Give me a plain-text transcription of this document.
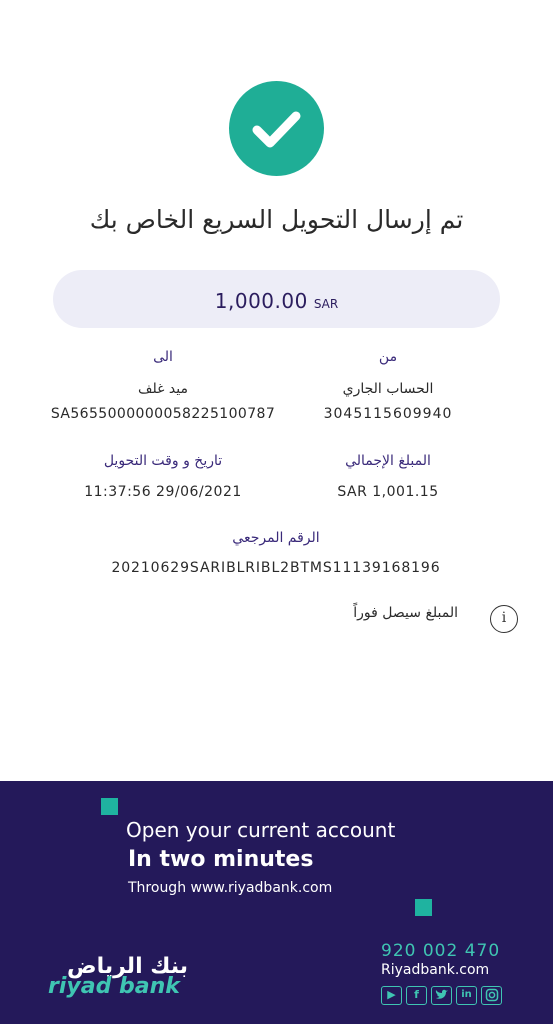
تم إرسال التحويل السريع الخاص بك
1,000.00 SAR
من
الى
الحساب الجاري
ميد غلف
3045115609940
SA5655000000058225100787
المبلغ الإجمالي
تاريخ و وقت التحويل
SAR 1,001.15
11:37:56 29/06/2021
الرقم المرجعي
20210629SARIBLRIBL2BTMS11139168196
i
المبلغ سيصل فوراً
Open your current account
In two minutes
Through www.riyadbank.com
بنك الرياض
riyad bank
920 002 470
Riyadbank.com
▶	f	in
